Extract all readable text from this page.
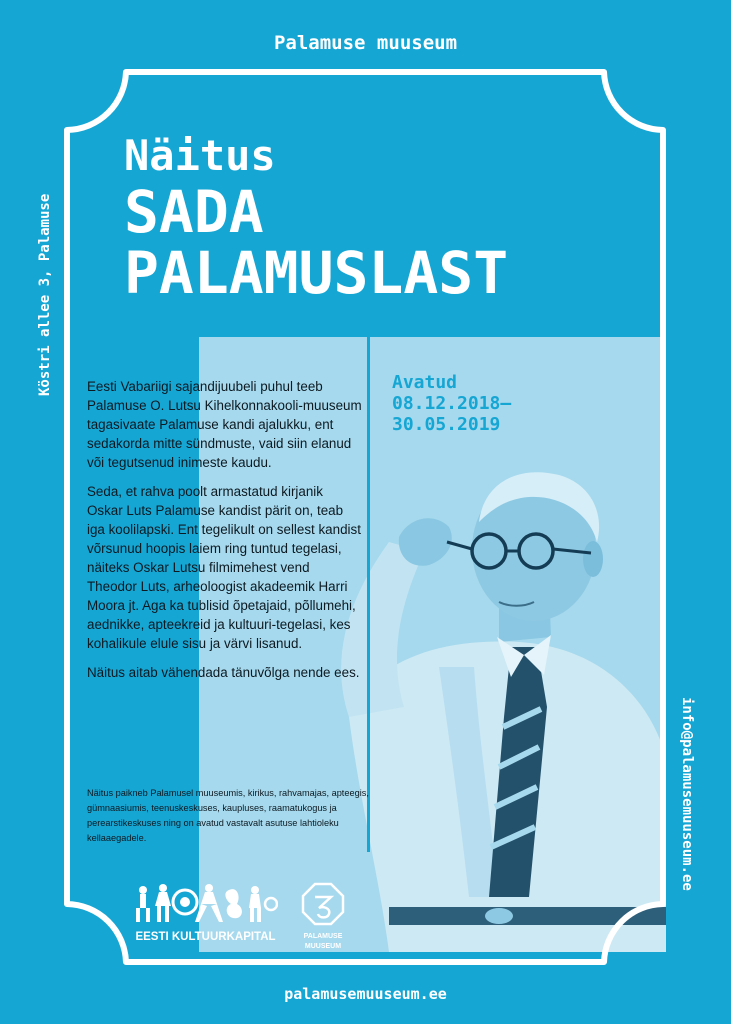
Palamuse muuseum
Köstri allee 3, Palamuse
info@palamusemuuseum.ee
Näitus
SADA
PALAMUSLAST
Avatud
08.12.2018–
30.05.2019

Eesti Vabariigi sajandijuubeli puhul teeb Palamuse O. Lutsu Kihelkonnakooli-muuseum tagasivaate Palamuse kandi ajalukku, ent sedakorda mitte sündmuste, vaid siin elanud või tegutsenud inimeste kaudu.

Seda, et rahva poolt armastatud kirjanik Oskar Luts Palamuse kandist pärit on, teab iga koolilapski. Ent tegelikult on sellest kandist võrsunud hoopis laiem ring tuntud tegelasi, näiteks Oskar Lutsu filmimehest vend Theodor Luts, arheoloogist akadeemik Harri Moora jt. Aga ka tublisid õpetajaid, põllumehi, aednikke, apteekreid ja kultuuri-tegelasi, kes kohalikule elule sisu ja värvi lisanud.

Näitus aitab vähendada tänuvõlga nende ees.

Näitus paikneb Palamusel muuseumis, kirikus, rahvamajas, apteegis, gümnaasiumis, teenuskeskuses, kaupluses, raamatukogus ja perearstikeskuses ning on avatud vastavalt asutuse lahtioleku kellaaegadele.

EESTI KULTUURKAPITAL	PALAMUSE
MUUSEUM
palamusemuuseum.ee
